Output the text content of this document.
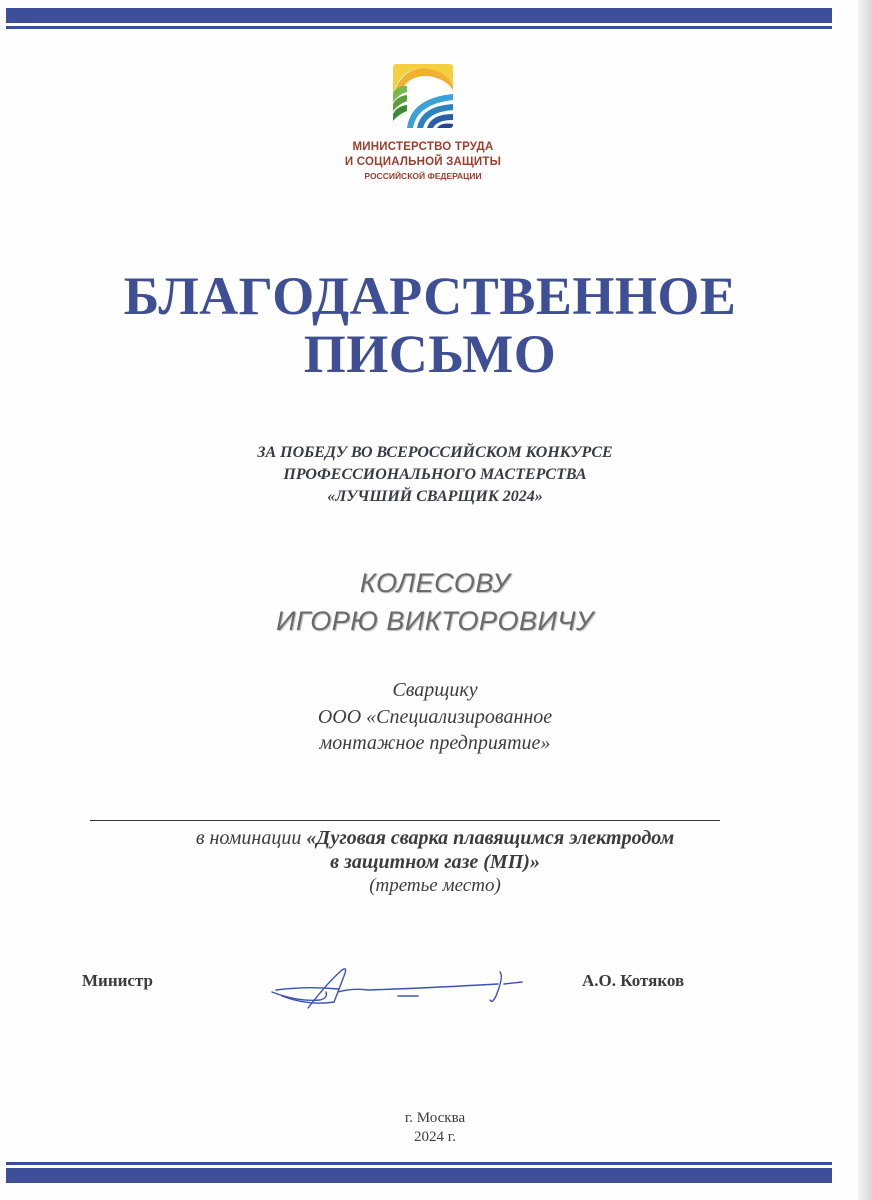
МИНИСТЕРСТВО ТРУДА
И СОЦИАЛЬНОЙ ЗАЩИТЫ
РОССИЙСКОЙ ФЕДЕРАЦИИ
БЛАГОДАРСТВЕННОЕ
ПИСЬМО
ЗА ПОБЕДУ ВО ВСЕРОССИЙСКОМ КОНКУРСЕ
ПРОФЕССИОНАЛЬНОГО МАСТЕРСТВА
«ЛУЧШИЙ СВАРЩИК 2024»
КОЛЕСОВУ
ИГОРЮ ВИКТОРОВИЧУ
Сварщику
ООО «Специализированное
монтажное предприятие»
в номинации «Дуговая сварка плавящимся электродом
в защитном газе (МП)»
(третье место)
Министр	А.О. Котяков
г. Москва
2024 г.
